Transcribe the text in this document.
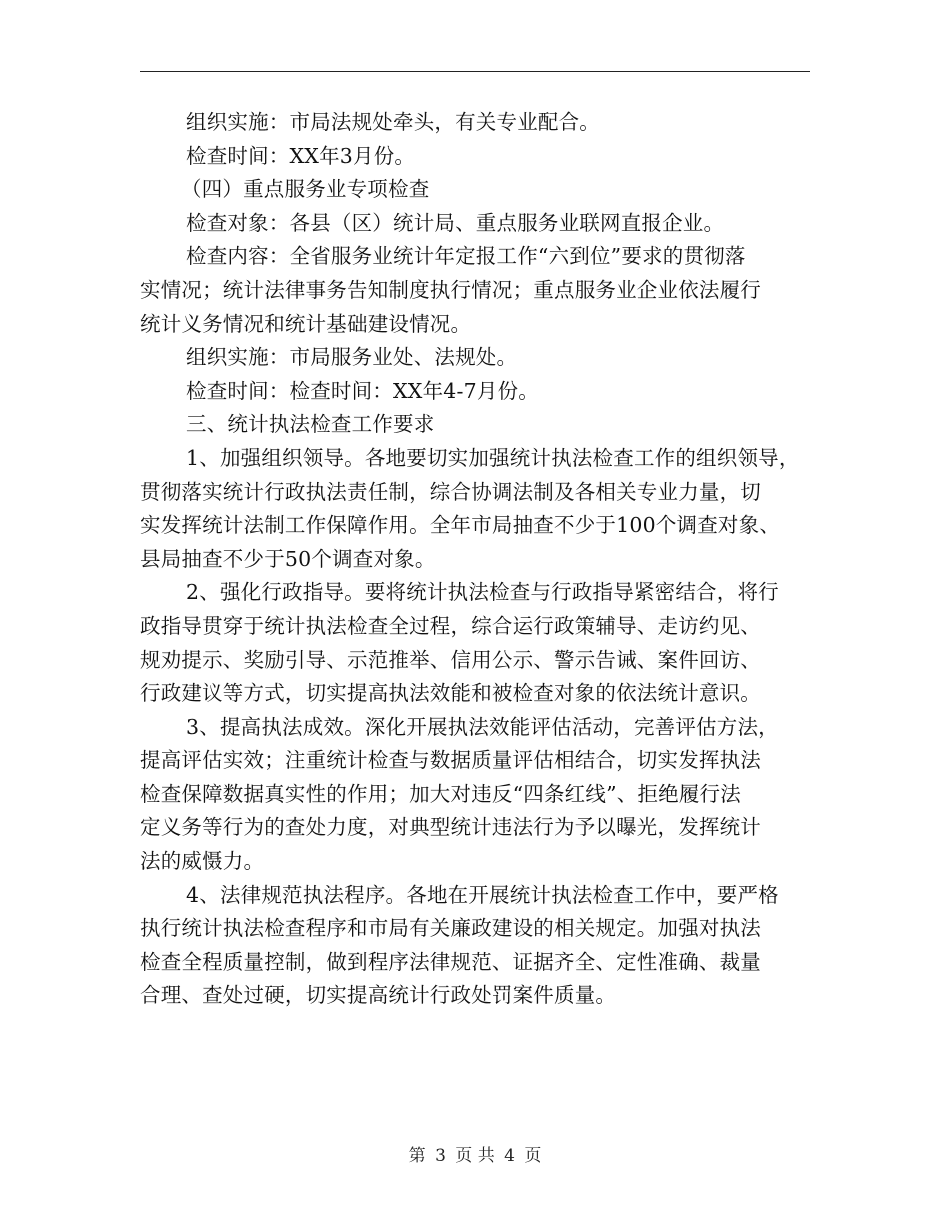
组织实施：市局法规处牵头，有关专业配合。
检查时间：XX年3月份。
（四）重点服务业专项检查
检查对象：各县（区）统计局、重点服务业联网直报企业。
检查内容：全省服务业统计年定报工作“六到位”要求的贯彻落
实情况；统计法律事务告知制度执行情况；重点服务业企业依法履行
统计义务情况和统计基础建设情况。
组织实施：市局服务业处、法规处。
检查时间：检查时间：XX年4-7月份。
三、统计执法检查工作要求
1、加强组织领导。各地要切实加强统计执法检查工作的组织领导，
贯彻落实统计行政执法责任制，综合协调法制及各相关专业力量，切
实发挥统计法制工作保障作用。全年市局抽查不少于100个调查对象、
县局抽查不少于50个调查对象。
2、强化行政指导。要将统计执法检查与行政指导紧密结合，将行
政指导贯穿于统计执法检查全过程，综合运行政策辅导、走访约见、
规劝提示、奖励引导、示范推举、信用公示、警示告诫、案件回访、
行政建议等方式，切实提高执法效能和被检查对象的依法统计意识。
3、提高执法成效。深化开展执法效能评估活动，完善评估方法，
提高评估实效；注重统计检查与数据质量评估相结合，切实发挥执法
检查保障数据真实性的作用；加大对违反“四条红线”、拒绝履行法
定义务等行为的查处力度，对典型统计违法行为予以曝光，发挥统计
法的威慑力。
4、法律规范执法程序。各地在开展统计执法检查工作中，要严格
执行统计执法检查程序和市局有关廉政建设的相关规定。加强对执法
检查全程质量控制，做到程序法律规范、证据齐全、定性准确、裁量
合理、查处过硬，切实提高统计行政处罚案件质量。
第 3 页 共 4 页
